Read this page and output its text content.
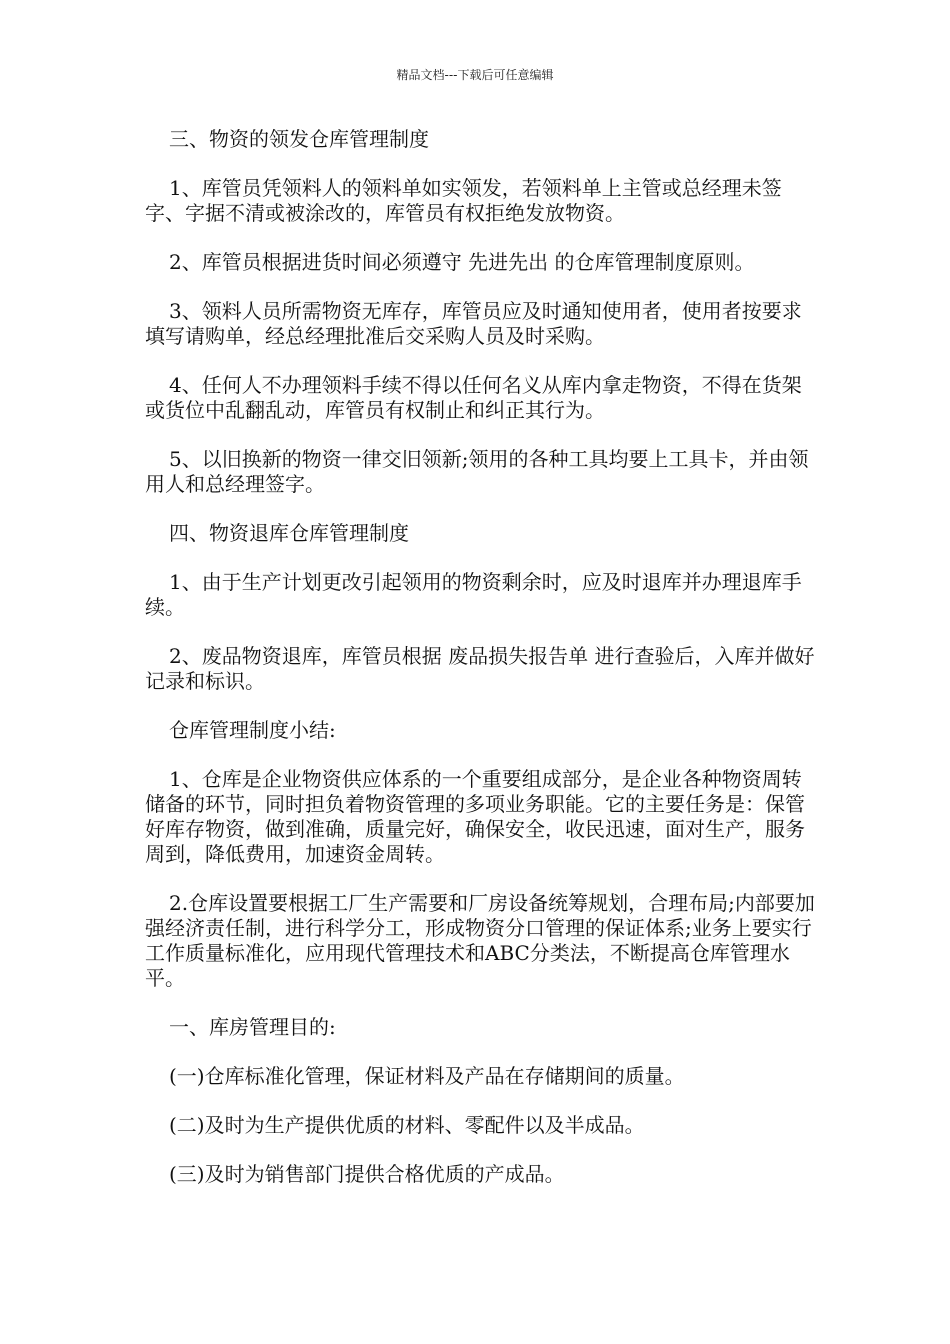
精品文档---下载后可任意编辑

三、物资的领发仓库管理制度

1、库管员凭领料人的领料单如实领发，若领料单上主管或总经理未签字、字据不清或被涂改的，库管员有权拒绝发放物资。

2、库管员根据进货时间必须遵守 先进先出 的仓库管理制度原则。

3、领料人员所需物资无库存，库管员应及时通知使用者，使用者按要求填写请购单，经总经理批准后交采购人员及时采购。

4、任何人不办理领料手续不得以任何名义从库内拿走物资，不得在货架或货位中乱翻乱动，库管员有权制止和纠正其行为。

5、以旧换新的物资一律交旧领新;领用的各种工具均要上工具卡，并由领用人和总经理签字。

四、物资退库仓库管理制度

1、由于生产计划更改引起领用的物资剩余时，应及时退库并办理退库手续。

2、废品物资退库，库管员根据 废品损失报告单 进行查验后，入库并做好记录和标识。

仓库管理制度小结:

1、仓库是企业物资供应体系的一个重要组成部分，是企业各种物资周转储备的环节，同时担负着物资管理的多项业务职能。它的主要任务是：保管好库存物资，做到准确，质量完好，确保安全，收民迅速，面对生产，服务周到，降低费用，加速资金周转。

2.仓库设置要根据工厂生产需要和厂房设备统筹规划，合理布局;内部要加强经济责任制，进行科学分工，形成物资分口管理的保证体系;业务上要实行工作质量标准化，应用现代管理技术和ABC分类法，不断提高仓库管理水平。

一、库房管理目的:

(一)仓库标准化管理，保证材料及产品在存储期间的质量。

(二)及时为生产提供优质的材料、零配件以及半成品。

(三)及时为销售部门提供合格优质的产成品。
